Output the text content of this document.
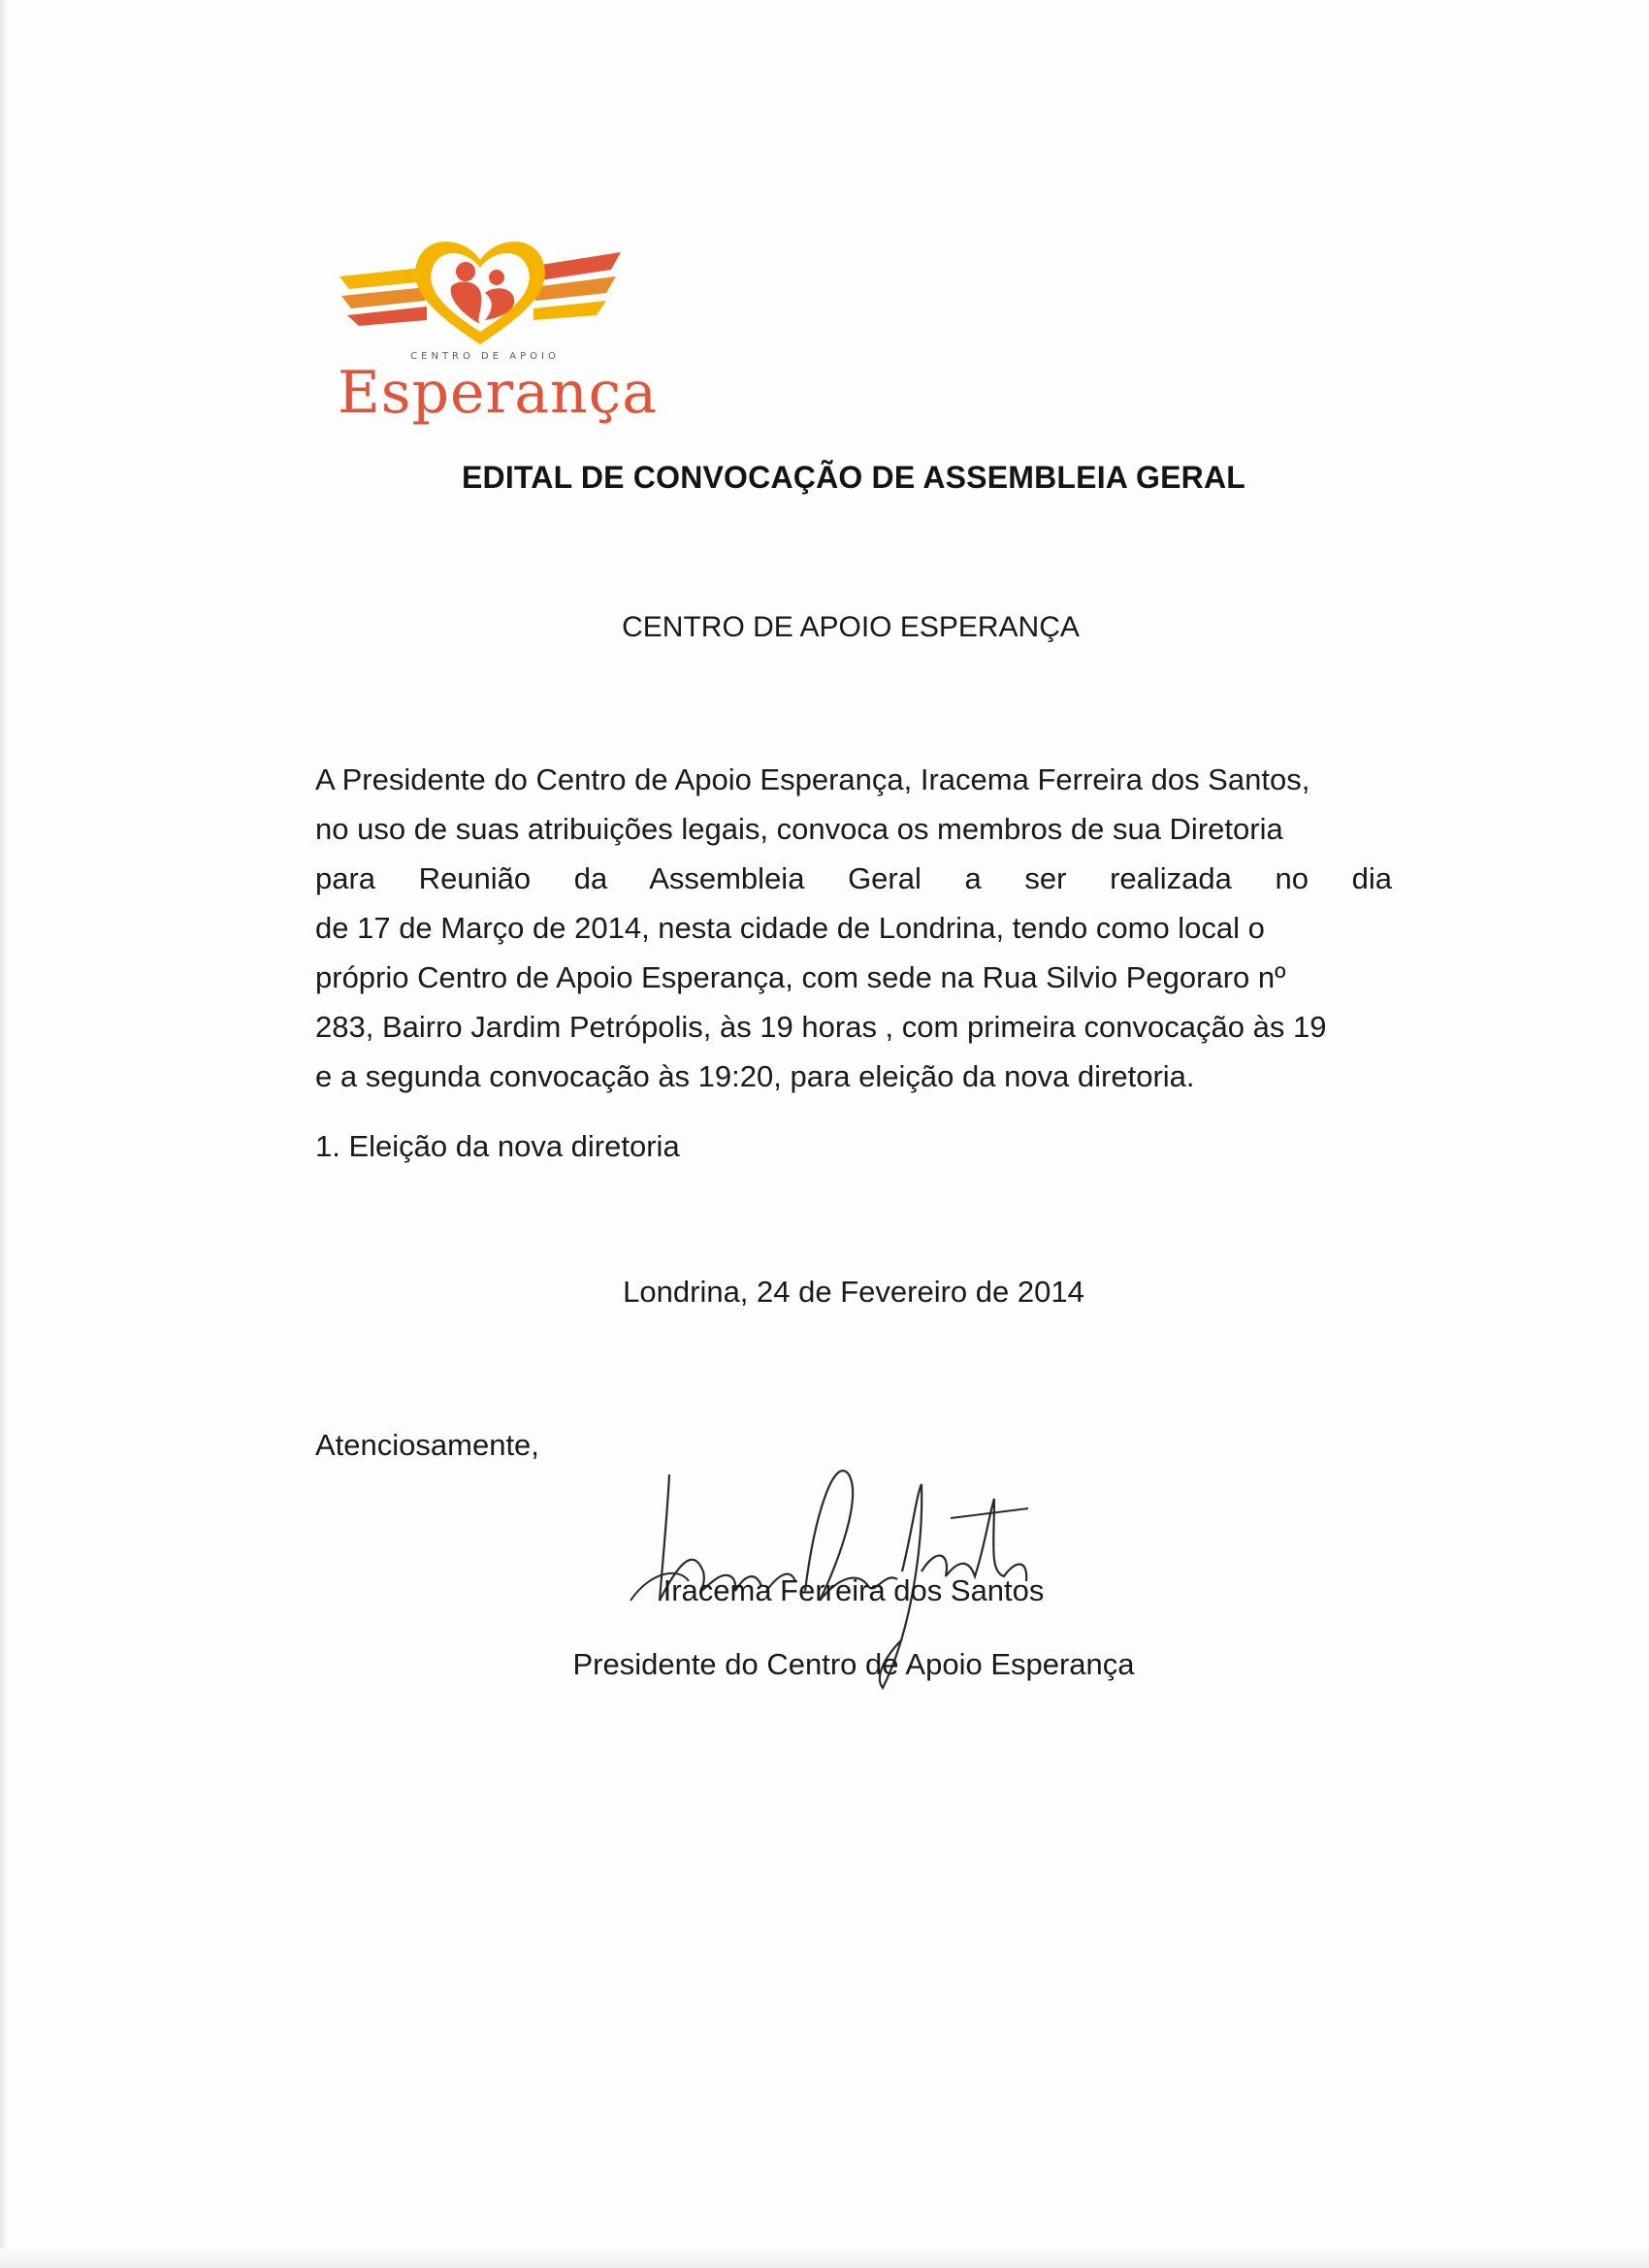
CENTRO DE APOIO
Esperança
EDITAL DE CONVOCAÇÃO DE ASSEMBLEIA GERAL
CENTRO DE APOIO ESPERANÇA
A Presidente do Centro de Apoio Esperança, Iracema Ferreira dos Santos,
no uso de suas atribuições legais, convoca os membros de sua Diretoria
para Reunião da Assembleia Geral a ser realizada no dia
de 17 de Março de 2014, nesta cidade de Londrina, tendo como local o
próprio Centro de Apoio Esperança, com sede na Rua Silvio Pegoraro nº
283, Bairro Jardim Petrópolis, às 19 horas , com primeira convocação às 19
e a segunda convocação às 19:20, para eleição da nova diretoria.
1. Eleição da nova diretoria
Londrina, 24 de Fevereiro de 2014
Atenciosamente,
Iracema Ferreira dos Santos
Presidente do Centro de Apoio Esperança
